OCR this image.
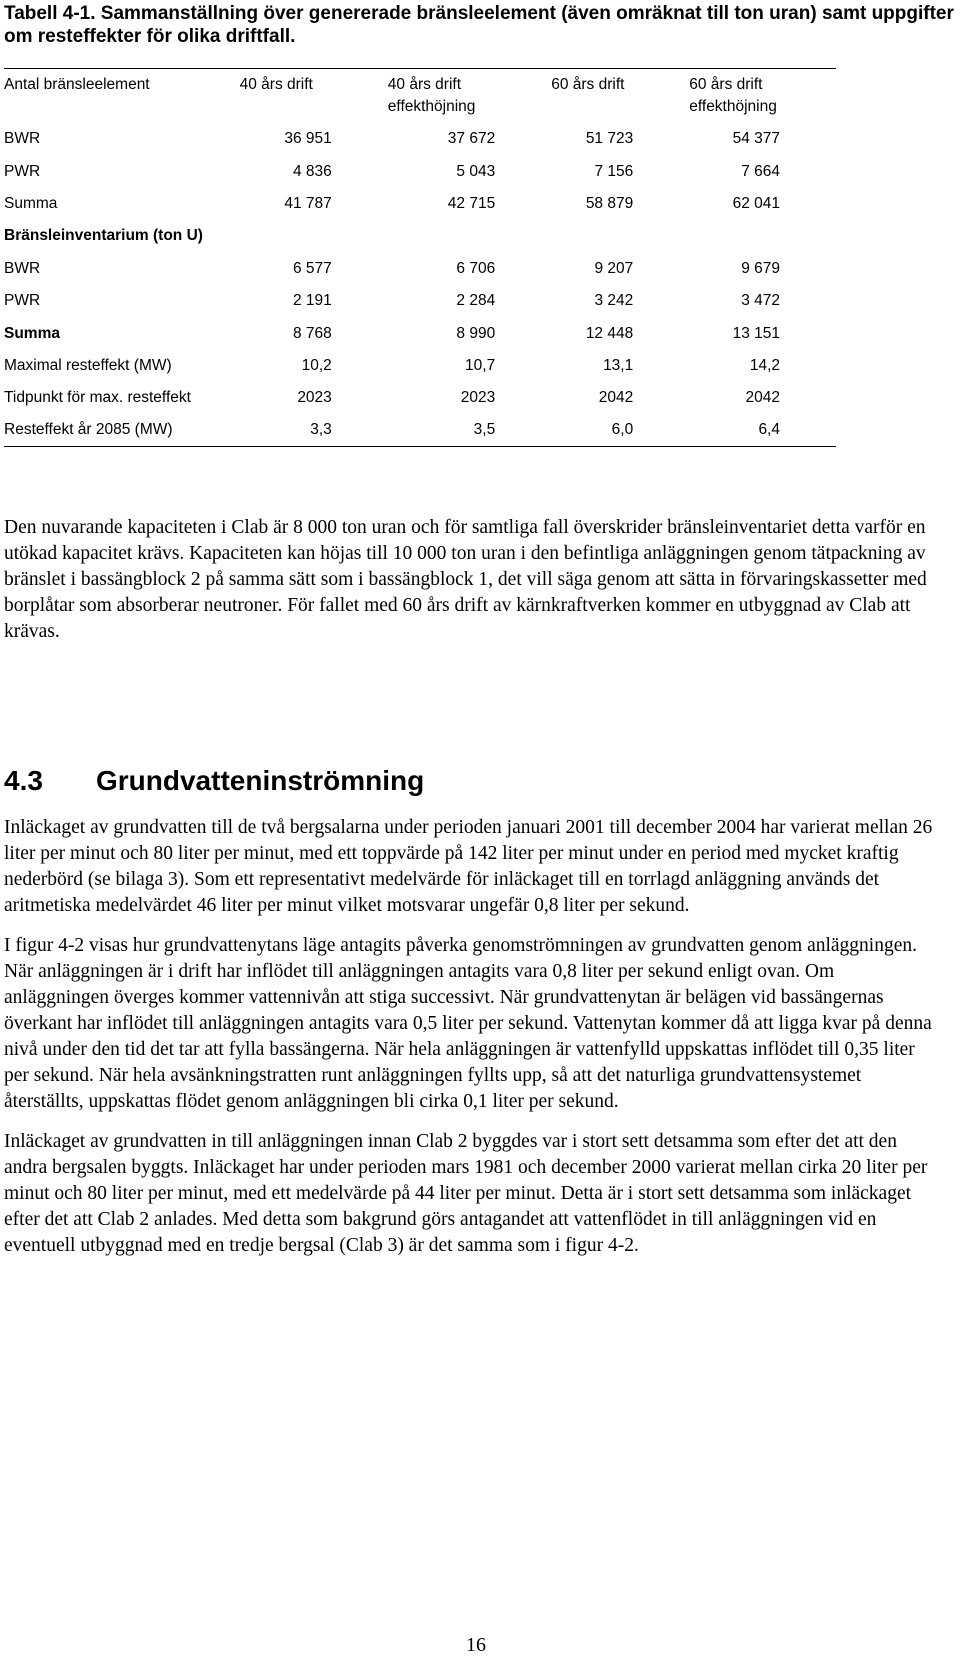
Tabell 4-1. Sammanställning över genererade bränsleelement (även omräknat till ton uran) samt uppgifter om resteffekter för olika driftfall.
Antal bränsleelement	40 års drift	40 års drift effekthöjning	60 års drift	60 års drift effekthöjning
BWR	36 951	37 672	51 723	54 377
PWR	4 836	5 043	7 156	7 664
Summa	41 787	42 715	58 879	62 041
Bränsleinventarium (ton U)				
BWR	6 577	6 706	9 207	9 679
PWR	2 191	2 284	3 242	3 472
Summa	8 768	8 990	12 448	13 151
Maximal resteffekt (MW)	10,2	10,7	13,1	14,2
Tidpunkt för max. resteffekt	2023	2023	2042	2042
Resteffekt år 2085 (MW)	3,3	3,5	6,0	6,4

Den nuvarande kapaciteten i Clab är 8 000 ton uran och för samtliga fall överskrider bränsleinventariet detta varför en utökad kapacitet krävs. Kapaciteten kan höjas till 10 000 ton uran i den befintliga anläggningen genom tätpackning av bränslet i bassängblock 2 på samma sätt som i bassängblock 1, det vill säga genom att sätta in förvaringskassetter med borplåtar som absorberar neutroner. För fallet med 60 års drift av kärnkraftverken kommer en utbyggnad av Clab att krävas.

4.3 Grundvatteninströmning

Inläckaget av grundvatten till de två bergsalarna under perioden januari 2001 till december 2004 har varierat mellan 26 liter per minut och 80 liter per minut, med ett toppvärde på 142 liter per minut under en period med mycket kraftig nederbörd (se bilaga 3). Som ett representativt medelvärde för inläckaget till en torrlagd anläggning används det aritmetiska medelvärdet 46 liter per minut vilket motsvarar ungefär 0,8 liter per sekund.

I figur 4-2 visas hur grundvattenytans läge antagits påverka genomströmningen av grundvatten genom anläggningen. När anläggningen är i drift har inflödet till anläggningen antagits vara 0,8 liter per sekund enligt ovan. Om anläggningen överges kommer vattennivån att stiga successivt. När grundvattenytan är belägen vid bassängernas överkant har inflödet till anläggningen antagits vara 0,5 liter per sekund. Vattenytan kommer då att ligga kvar på denna nivå under den tid det tar att fylla bassängerna. När hela anläggningen är vattenfylld uppskattas inflödet till 0,35 liter per sekund. När hela avsänkningstratten runt anläggningen fyllts upp, så att det naturliga grundvattensystemet återställts, uppskattas flödet genom anläggningen bli cirka 0,1 liter per sekund.

Inläckaget av grundvatten in till anläggningen innan Clab 2 byggdes var i stort sett detsamma som efter det att den andra bergsalen byggts. Inläckaget har under perioden mars 1981 och december 2000 varierat mellan cirka 20 liter per minut och 80 liter per minut, med ett medelvärde på 44 liter per minut. Detta är i stort sett detsamma som inläckaget efter det att Clab 2 anlades. Med detta som bakgrund görs antagandet att vattenflödet in till anläggningen vid en eventuell utbyggnad med en tredje bergsal (Clab 3) är det samma som i figur 4-2.

16
